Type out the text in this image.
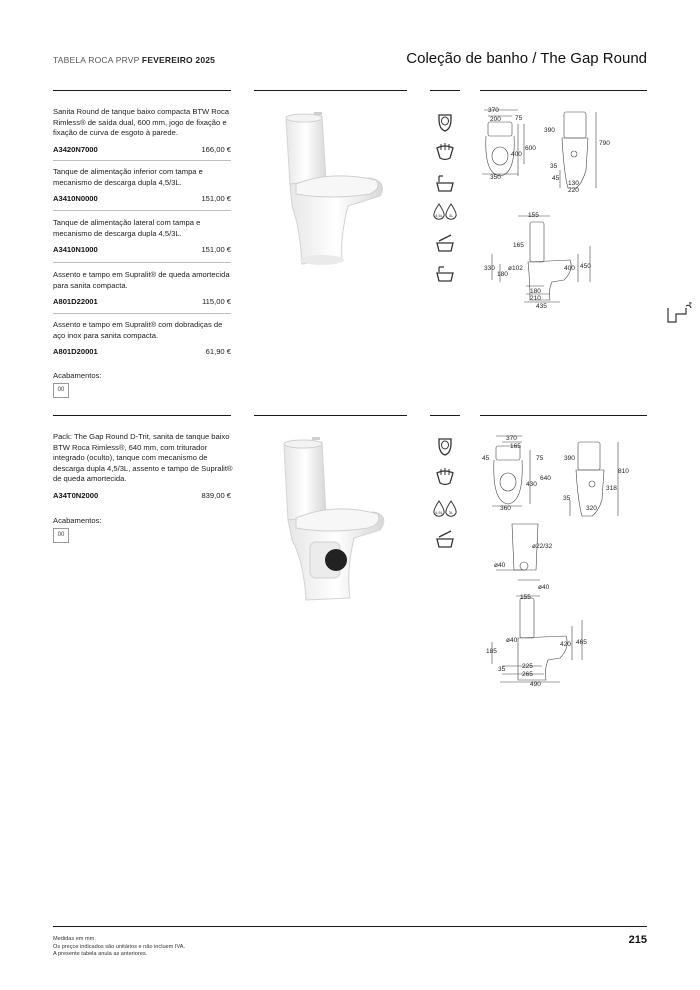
TABELA ROCA PRVP FEVEREIRO 2025	Coleção de banho / The Gap Round
Sanita Round de tanque baixo compacta BTW Roca Rimless® de saída dual, 600 mm, jogo de fixação e fixação de curva de esgoto à parede.
A3420N7000	166,00 €
Tanque de alimentação inferior com tampa e mecanismo de descarga dupla 4,5/3L.
A3410N0000	151,00 €
Tanque de alimentação lateral com tampa e mecanismo de descarga dupla 4,5/3L.
A3410N1000	151,00 €
Assento e tampo em Supralit® de queda amortecida para sanita compacta.
A801D22001	115,00 €
Assento e tampo em Supralit® com dobradiças de aço inox para sanita compacta.
A801D20001	61,90 €
Acabamentos:
00
4,5L 3L
370
200 75
600
400
350
390
790
35
45
130
220
155
165
330
180
ø102	400 450
180
210
435
Pack: The Gap Round D-Trit, sanita de tanque baixo BTW Roca Rimless®, 640 mm, com triturador integrado (oculto), tanque com mecanismo de descarga dupla 4,5/3L, assento e tampo de Supralit® de queda amortecida.
A34T0N2000	839,00 €
Acabamentos:
00
4,5L 3L
370
165
75
45
430
640
360
390
810
318
35
320
ø22/32
ø40
ø40
155
ø40
185
420 465
35	225
265
490
Medidas em mm.
Os preços indicados são unitários e não incluem IVA.
A presente tabela anula as anteriores.
215
